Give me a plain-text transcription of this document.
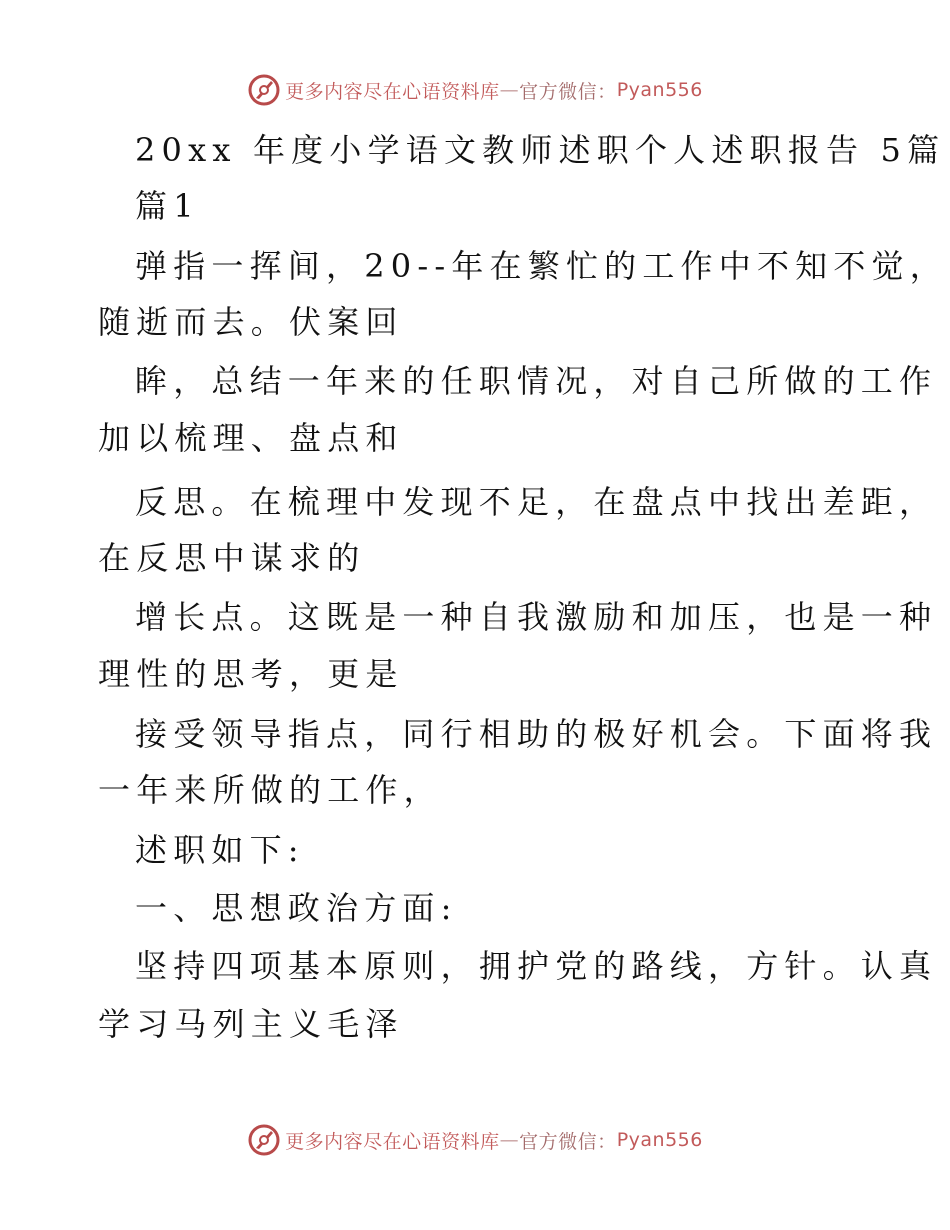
更多内容尽在心语资料库 — 官方微信： Pyan556
20xx 年度小学语文教师述职个人述职报告 5篇
篇1
弹指一挥间，20--年在繁忙的工作中不知不觉，
随逝而去。伏案回
眸，总结一年来的任职情况，对自己所做的工作
加以梳理、盘点和
反思。在梳理中发现不足，在盘点中找出差距，
在反思中谋求的
增长点。这既是一种自我激励和加压，也是一种
理性的思考，更是
接受领导指点，同行相助的极好机会。下面将我
一年来所做的工作，
述职如下:
一、思想政治方面:
坚持四项基本原则，拥护党的路线，方针。认真
学习马列主义毛泽
更多内容尽在心语资料库 — 官方微信： Pyan556
